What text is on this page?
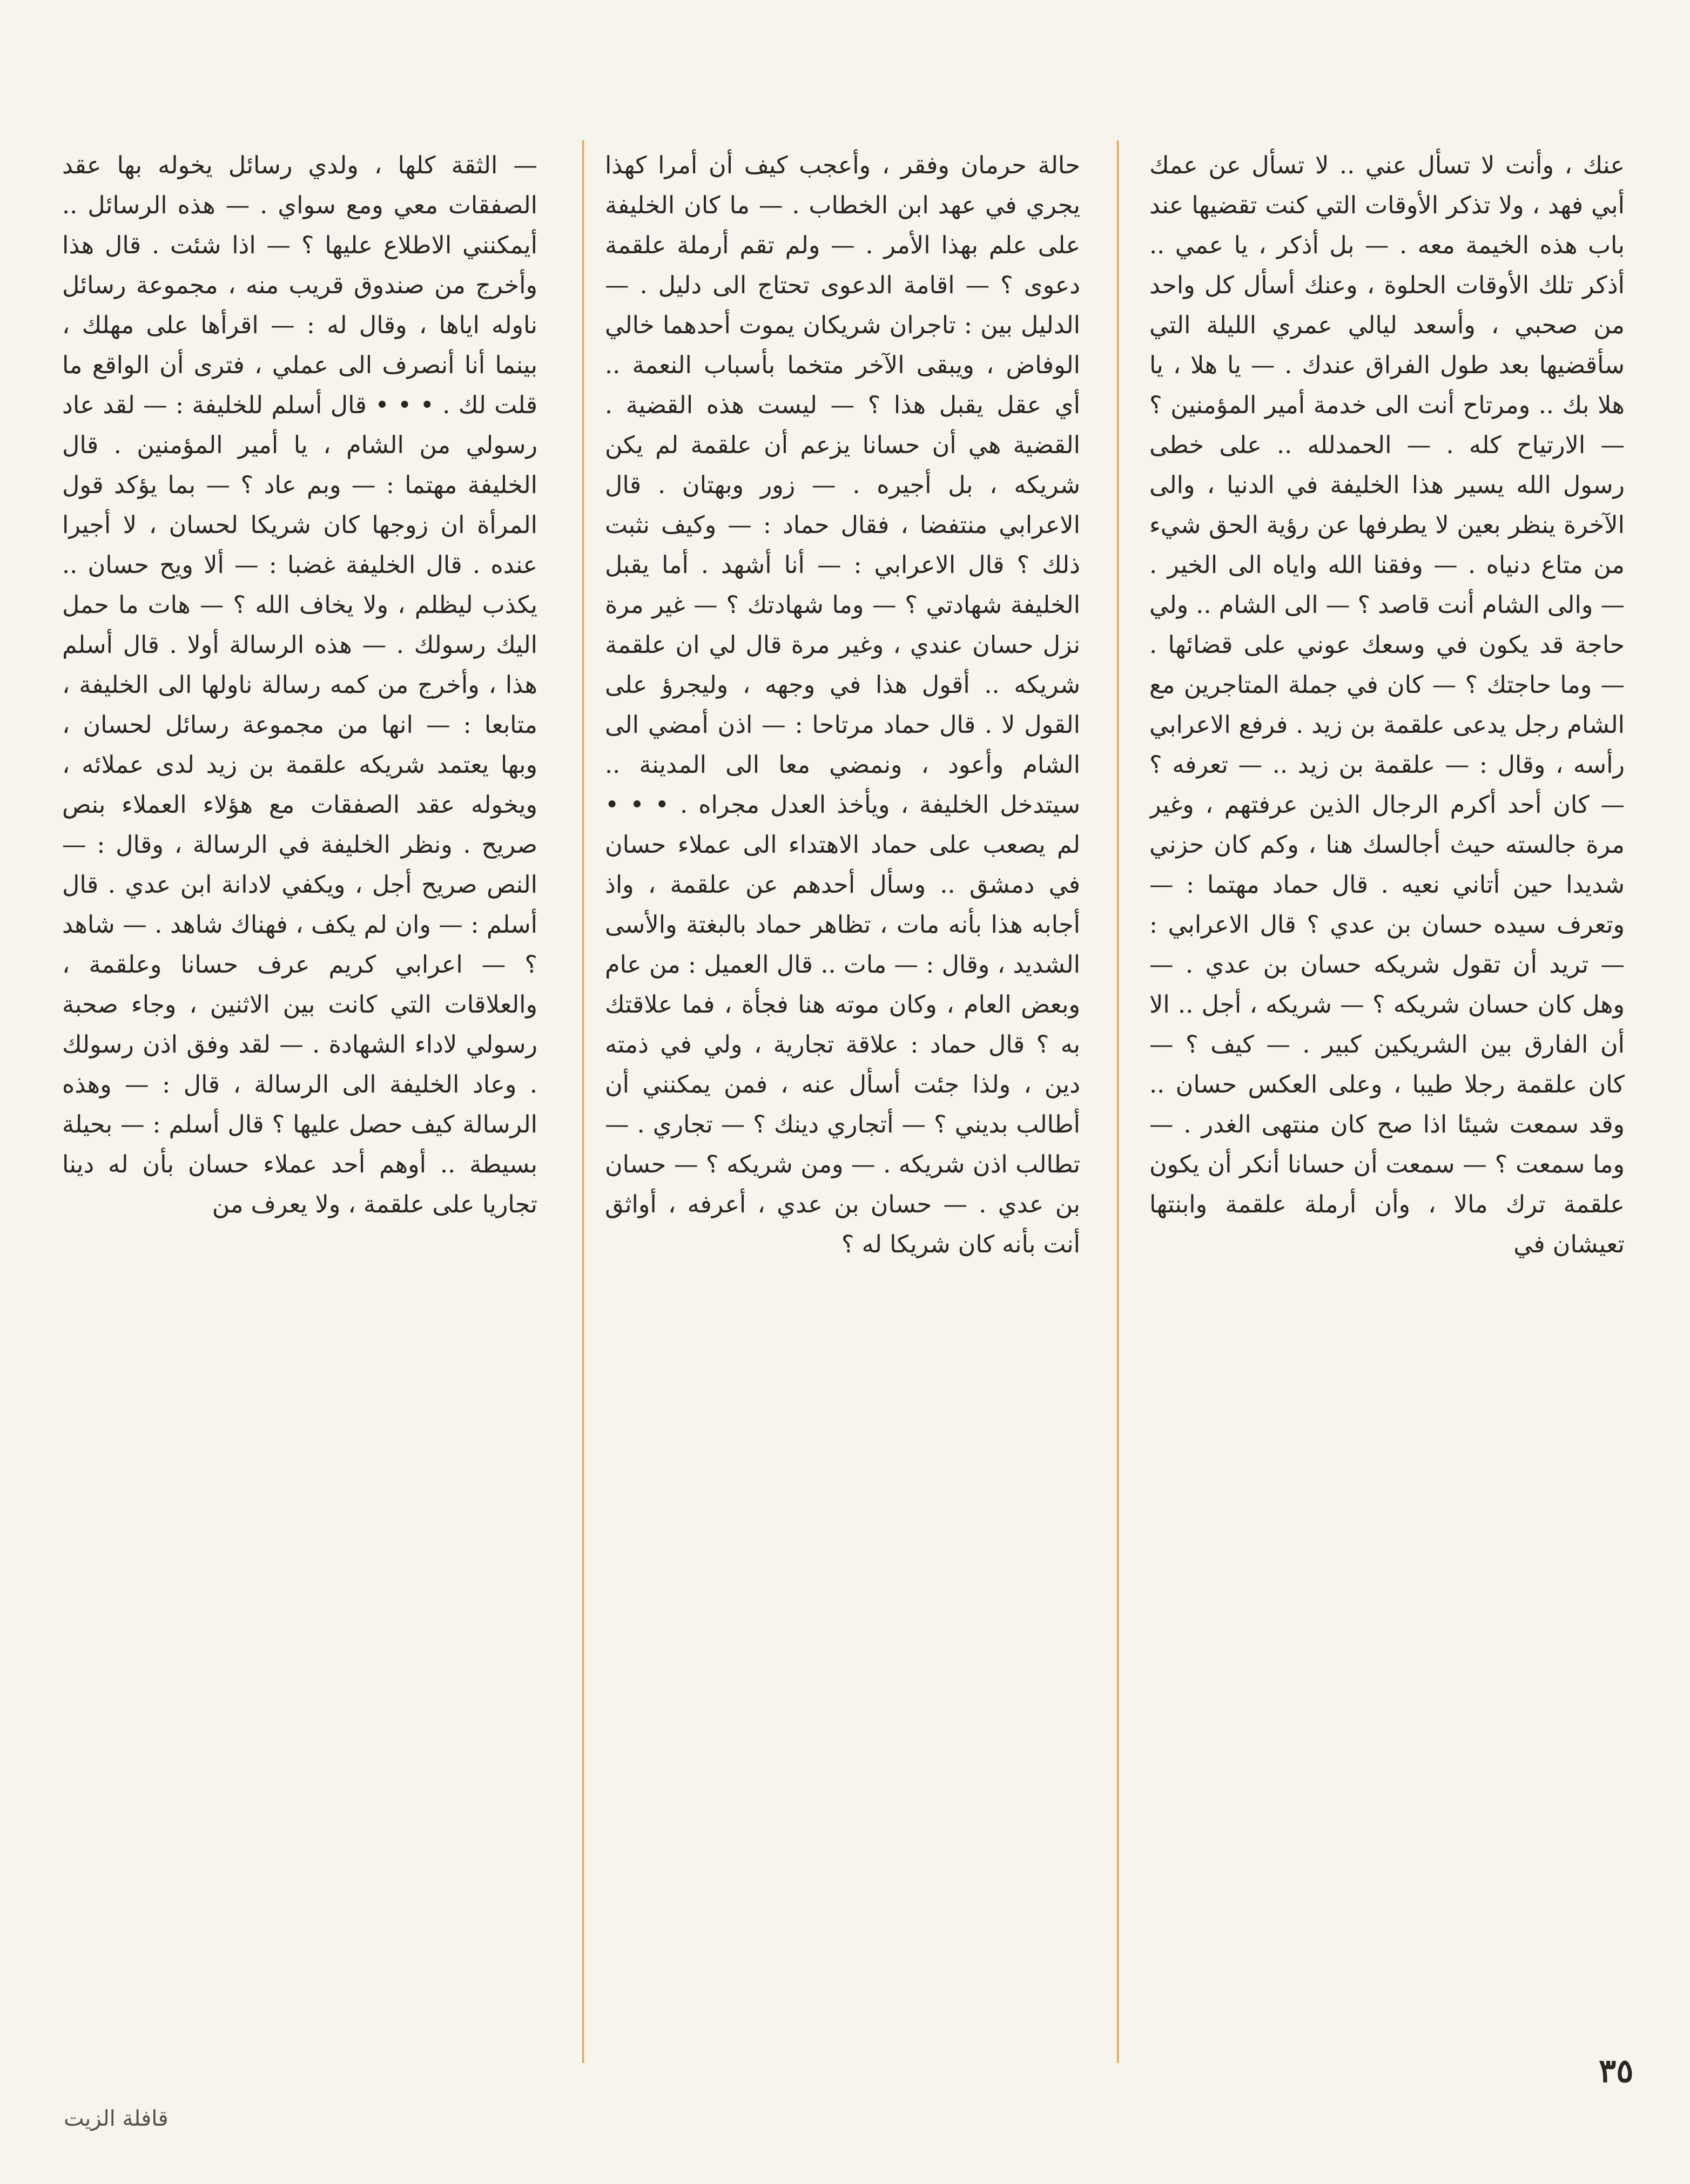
عنك ، وأنت لا تسأل عني .. لا تسأل عن عمك أبي فهد ، ولا تذكر الأوقات التي كنت تقضيها عند باب هذه الخيمة معه . — بل أذكر ، يا عمي .. أذكر تلك الأوقات الحلوة ، وعنك أسأل كل واحد من صحبي ، وأسعد ليالي عمري الليلة التي سأقضيها بعد طول الفراق عندك . — يا هلا ، يا هلا بك .. ومرتاح أنت الى خدمة أمير المؤمنين ؟ — الارتياح كله . — الحمدلله .. على خطى رسول الله يسير هذا الخليفة في الدنيا ، والى الآخرة ينظر بعين لا يطرفها عن رؤية الحق شيء من متاع دنياه . — وفقنا الله واياه الى الخير . — والى الشام أنت قاصد ؟ — الى الشام .. ولي حاجة قد يكون في وسعك عوني على قضائها . — وما حاجتك ؟ — كان في جملة المتاجرين مع الشام رجل يدعى علقمة بن زيد . فرفع الاعرابي رأسه ، وقال : — علقمة بن زيد .. — تعرفه ؟ — كان أحد أكرم الرجال الذين عرفتهم ، وغير مرة جالسته حيث أجالسك هنا ، وكم كان حزني شديدا حين أتاني نعيه . قال حماد مهتما : — وتعرف سيده حسان بن عدي ؟ قال الاعرابي : — تريد أن تقول شريكه حسان بن عدي . — وهل كان حسان شريكه ؟ — شريكه ، أجل .. الا أن الفارق بين الشريكين كبير . — كيف ؟ — كان علقمة رجلا طيبا ، وعلى العكس حسان .. وقد سمعت شيئا اذا صح كان منتهى الغدر . — وما سمعت ؟ — سمعت أن حسانا أنكر أن يكون علقمة ترك مالا ، وأن أرملة علقمة وابنتها تعيشان في

حالة حرمان وفقر ، وأعجب كيف أن أمرا كهذا يجري في عهد ابن الخطاب . — ما كان الخليفة على علم بهذا الأمر . — ولم تقم أرملة علقمة دعوى ؟ — اقامة الدعوى تحتاج الى دليل . — الدليل بين : تاجران شريكان يموت أحدهما خالي الوفاض ، ويبقى الآخر متخما بأسباب النعمة .. أي عقل يقبل هذا ؟ — ليست هذه القضية . القضية هي أن حسانا يزعم أن علقمة لم يكن شريكه ، بل أجيره . — زور وبهتان . قال الاعرابي منتفضا ، فقال حماد : — وكيف نثبت ذلك ؟ قال الاعرابي : — أنا أشهد . أما يقبل الخليفة شهادتي ؟ — وما شهادتك ؟ — غير مرة نزل حسان عندي ، وغير مرة قال لي ان علقمة شريكه .. أقول هذا في وجهه ، وليجرؤ على القول لا . قال حماد مرتاحا : — اذن أمضي الى الشام وأعود ، ونمضي معا الى المدينة .. سيتدخل الخليفة ، ويأخذ العدل مجراه . • • • لم يصعب على حماد الاهتداء الى عملاء حسان في دمشق .. وسأل أحدهم عن علقمة ، واذ أجابه هذا بأنه مات ، تظاهر حماد بالبغتة والأسى الشديد ، وقال : — مات .. قال العميل : من عام وبعض العام ، وكان موته هنا فجأة ، فما علاقتك به ؟ قال حماد : علاقة تجارية ، ولي في ذمته دين ، ولذا جئت أسأل عنه ، فمن يمكنني أن أطالب بديني ؟ — أتجاري دينك ؟ — تجاري . — تطالب اذن شريكه . — ومن شريكه ؟ — حسان بن عدي . — حسان بن عدي ، أعرفه ، أواثق أنت بأنه كان شريكا له ؟

— الثقة كلها ، ولدي رسائل يخوله بها عقد الصفقات معي ومع سواي . — هذه الرسائل .. أيمكنني الاطلاع عليها ؟ — اذا شئت . قال هذا وأخرج من صندوق قريب منه ، مجموعة رسائل ناوله اياها ، وقال له : — اقرأها على مهلك ، بينما أنا أنصرف الى عملي ، فترى أن الواقع ما قلت لك . • • • قال أسلم للخليفة : — لقد عاد رسولي من الشام ، يا أمير المؤمنين . قال الخليفة مهتما : — وبم عاد ؟ — بما يؤكد قول المرأة ان زوجها كان شريكا لحسان ، لا أجيرا عنده . قال الخليفة غضبا : — ألا ويح حسان .. يكذب ليظلم ، ولا يخاف الله ؟ — هات ما حمل اليك رسولك . — هذه الرسالة أولا . قال أسلم هذا ، وأخرج من كمه رسالة ناولها الى الخليفة ، متابعا : — انها من مجموعة رسائل لحسان ، وبها يعتمد شريكه علقمة بن زيد لدى عملائه ، ويخوله عقد الصفقات مع هؤلاء العملاء بنص صريح . ونظر الخليفة في الرسالة ، وقال : — النص صريح أجل ، ويكفي لادانة ابن عدي . قال أسلم : — وان لم يكف ، فهناك شاهد . — شاهد ؟ — اعرابي كريم عرف حسانا وعلقمة ، والعلاقات التي كانت بين الاثنين ، وجاء صحبة رسولي لاداء الشهادة . — لقد وفق اذن رسولك . وعاد الخليفة الى الرسالة ، قال : — وهذه الرسالة كيف حصل عليها ؟ قال أسلم : — بحيلة بسيطة .. أوهم أحد عملاء حسان بأن له دينا تجاريا على علقمة ، ولا يعرف من

٣٥
قافلة الزيت
